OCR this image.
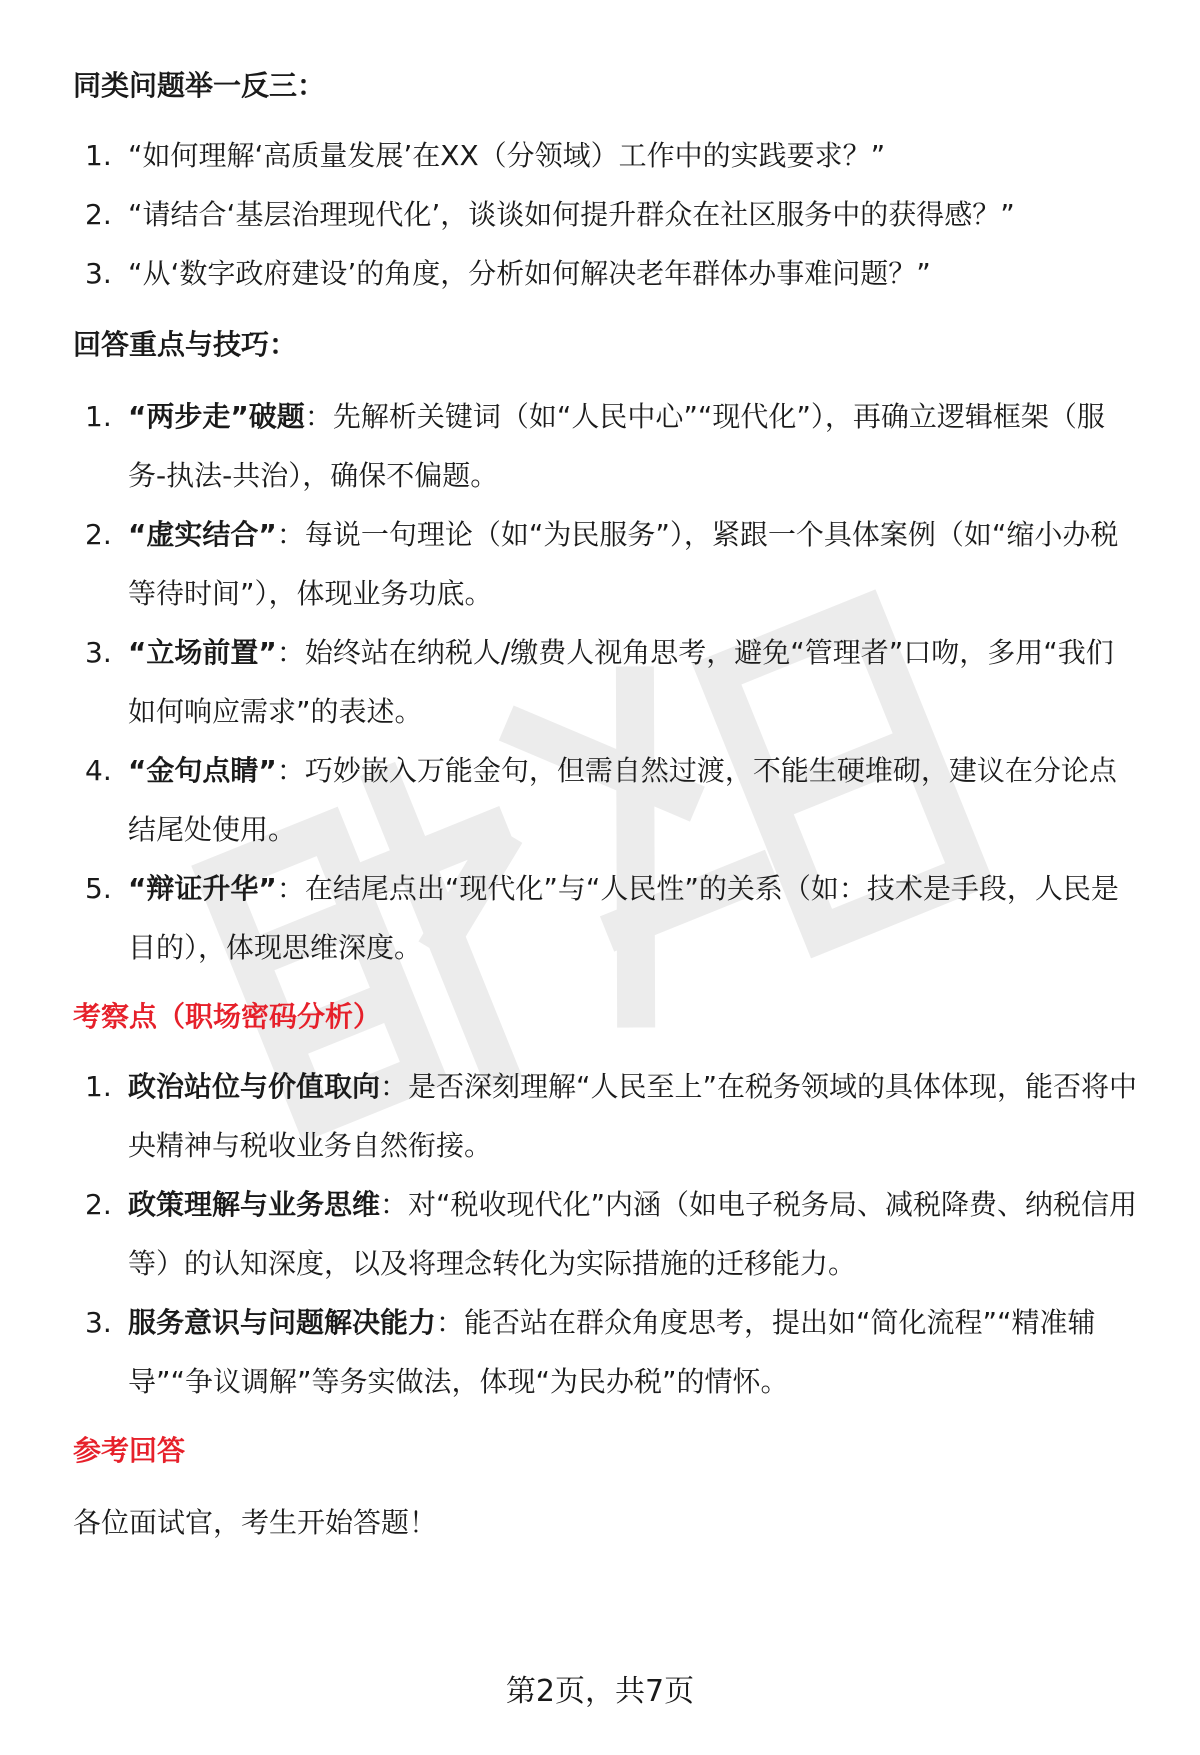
同类问题举一反三：
1. “如何理解‘高质量发展’在XX（分领域）工作中的实践要求？”
2. “请结合‘基层治理现代化’，谈谈如何提升群众在社区服务中的获得感？”
3. “从‘数字政府建设’的角度，分析如何解决老年群体办事难问题？”
回答重点与技巧：
1. “两步走”破题：先解析关键词（如“人民中心”“现代化”），再确立逻辑框架（服务-执法-共治），确保不偏题。
2. “虚实结合”：每说一句理论（如“为民服务”），紧跟一个具体案例（如“缩小办税等待时间”），体现业务功底。
3. “立场前置”：始终站在纳税人/缴费人视角思考，避免“管理者”口吻，多用“我们如何响应需求”的表述。
4. “金句点睛”：巧妙嵌入万能金句，但需自然过渡，不能生硬堆砌，建议在分论点结尾处使用。
5. “辩证升华”：在结尾点出“现代化”与“人民性”的关系（如：技术是手段，人民是目的），体现思维深度。
考察点（职场密码分析）
1. 政治站位与价值取向：是否深刻理解“人民至上”在税务领域的具体体现，能否将中央精神与税收业务自然衔接。
2. 政策理解与业务思维：对“税收现代化”内涵（如电子税务局、减税降费、纳税信用等）的认知深度，以及将理念转化为实际措施的迁移能力。
3. 服务意识与问题解决能力：能否站在群众角度思考，提出如“简化流程”“精准辅导”“争议调解”等务实做法，体现“为民办税”的情怀。
参考回答

各位面试官，考生开始答题！

第2页，共7页
